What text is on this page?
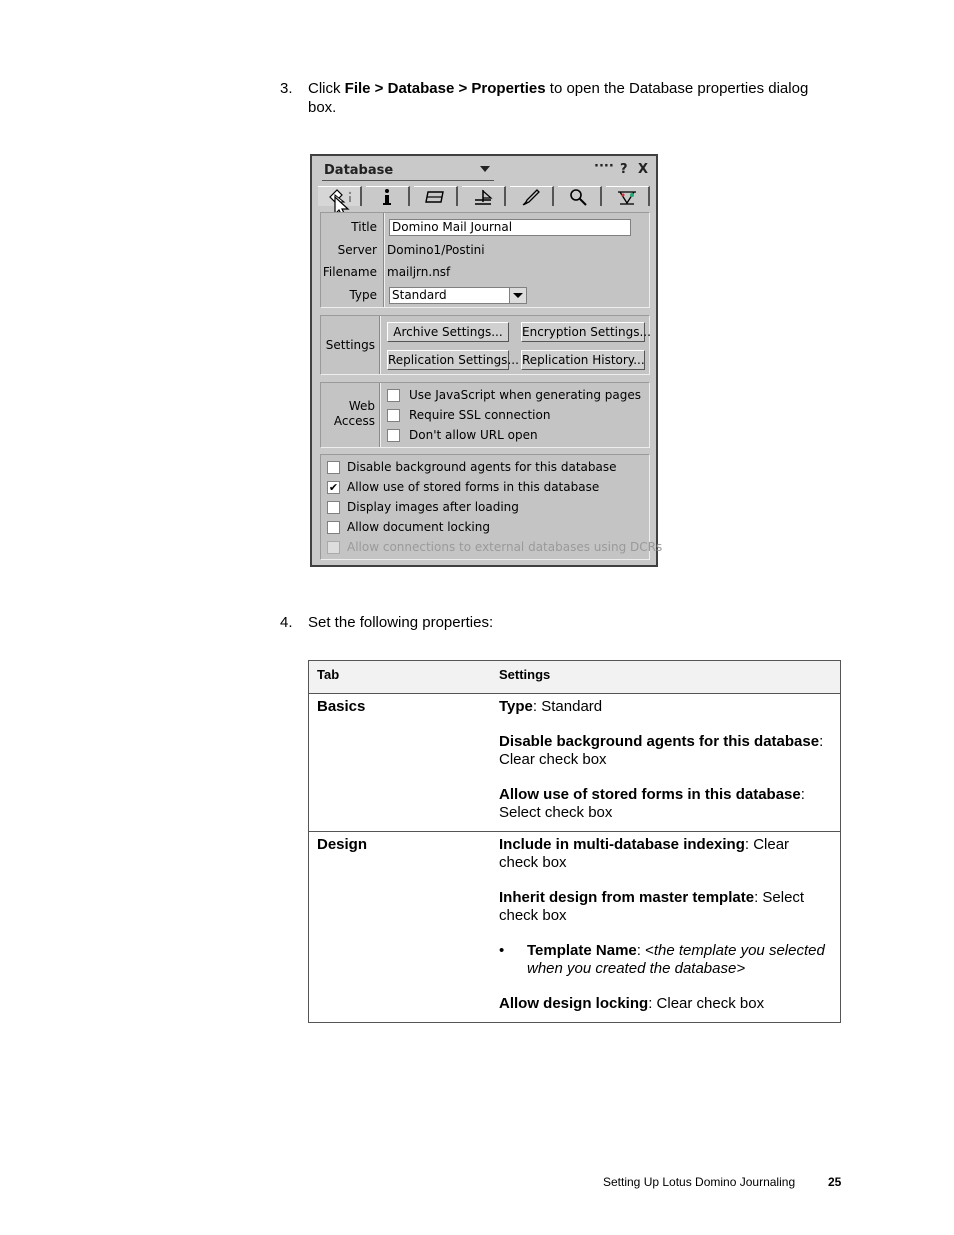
3. Click File > Database > Properties to open the Database properties dialog
box.
Database	···· ? X
Title Domino Mail Journal
Server Domino1/Postini
Filename mailjrn.nsf
Type Standard
Settings
Archive Settings...	Encryption Settings...
Replication Settings... Replication History...
Web
Access
Use JavaScript when generating pages
Require SSL connection
Don't allow URL open
Disable background agents for this database
✔ Allow use of stored forms in this database
Display images after loading
Allow document locking
Allow connections to external databases using DCRs
4. Set the following properties:
Tab	Settings
Basics	Type: Standard

Disable background agents for this database: Clear check box

Allow use of stored forms in this database: Select check box

Design	Include in multi-database indexing: Clear check box

Inherit design from master template: Select check box

• Template Name: <the template you selected when you created the database>

Allow design locking: Clear check box

Setting Up Lotus Domino Journaling	25
